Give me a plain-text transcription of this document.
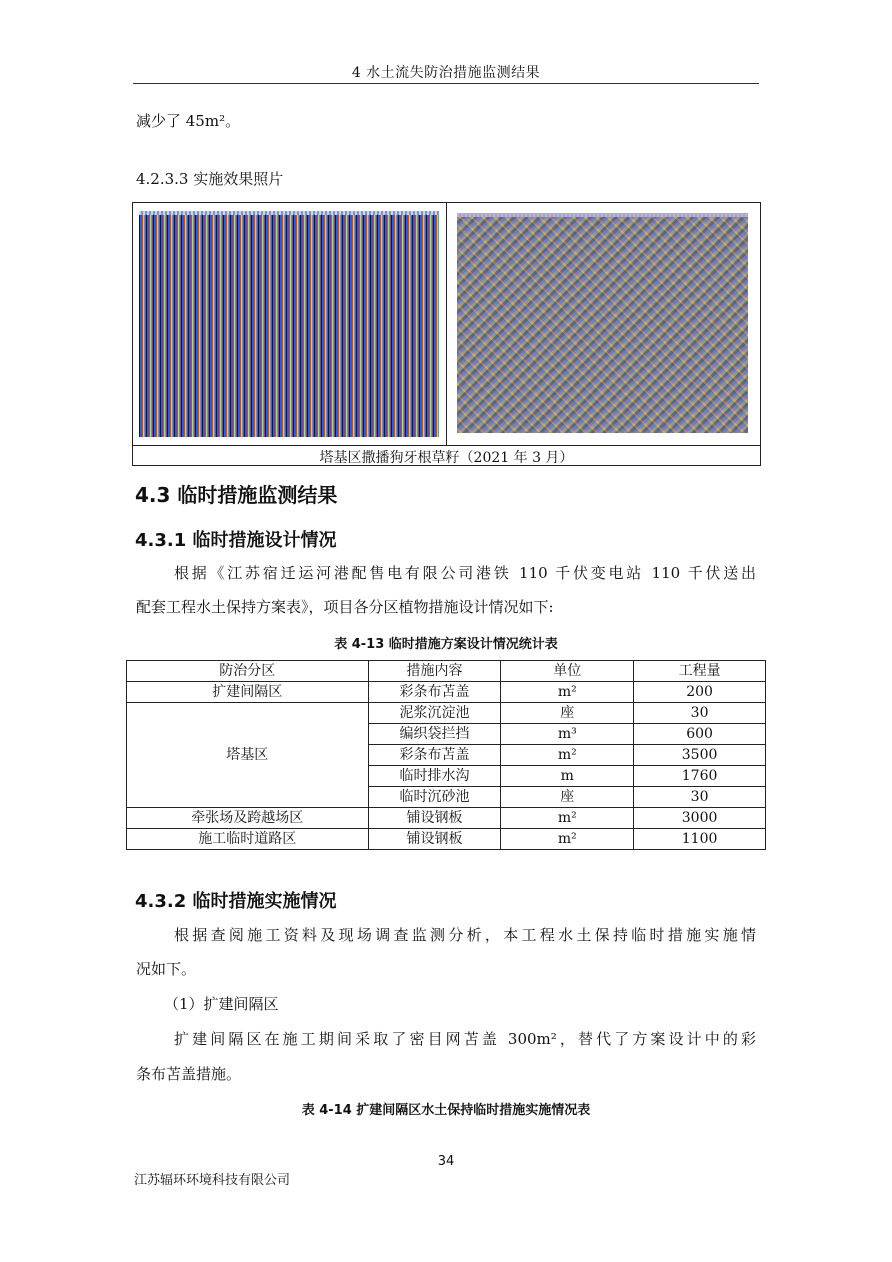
4 水土流失防治措施监测结果
减少了 45m²。
4.2.3.3 实施效果照片
塔基区撒播狗牙根草籽（2021 年 3 月）
4.3 临时措施监测结果
4.3.1 临时措施设计情况
根据《江苏宿迁运河港配售电有限公司港铁 110 千伏变电站 110 千伏送出
配套工程水土保持方案表》，项目各分区植物措施设计情况如下:
表 4-13 临时措施方案设计情况统计表
防治分区	措施内容	单位	工程量
扩建间隔区	彩条布苫盖	m²	200
塔基区	泥浆沉淀池	座	30
	编织袋拦挡	m³	600
	彩条布苫盖	m²	3500
	临时排水沟	m	1760
	临时沉砂池	座	30
牵张场及跨越场区	铺设钢板	m²	3000
施工临时道路区	铺设钢板	m²	1100
4.3.2 临时措施实施情况
根据查阅施工资料及现场调查监测分析，本工程水土保持临时措施实施情
况如下。
（1）扩建间隔区
扩建间隔区在施工期间采取了密目网苫盖 300m²，替代了方案设计中的彩
条布苫盖措施。
表 4-14 扩建间隔区水土保持临时措施实施情况表
34
江苏辐环环境科技有限公司
